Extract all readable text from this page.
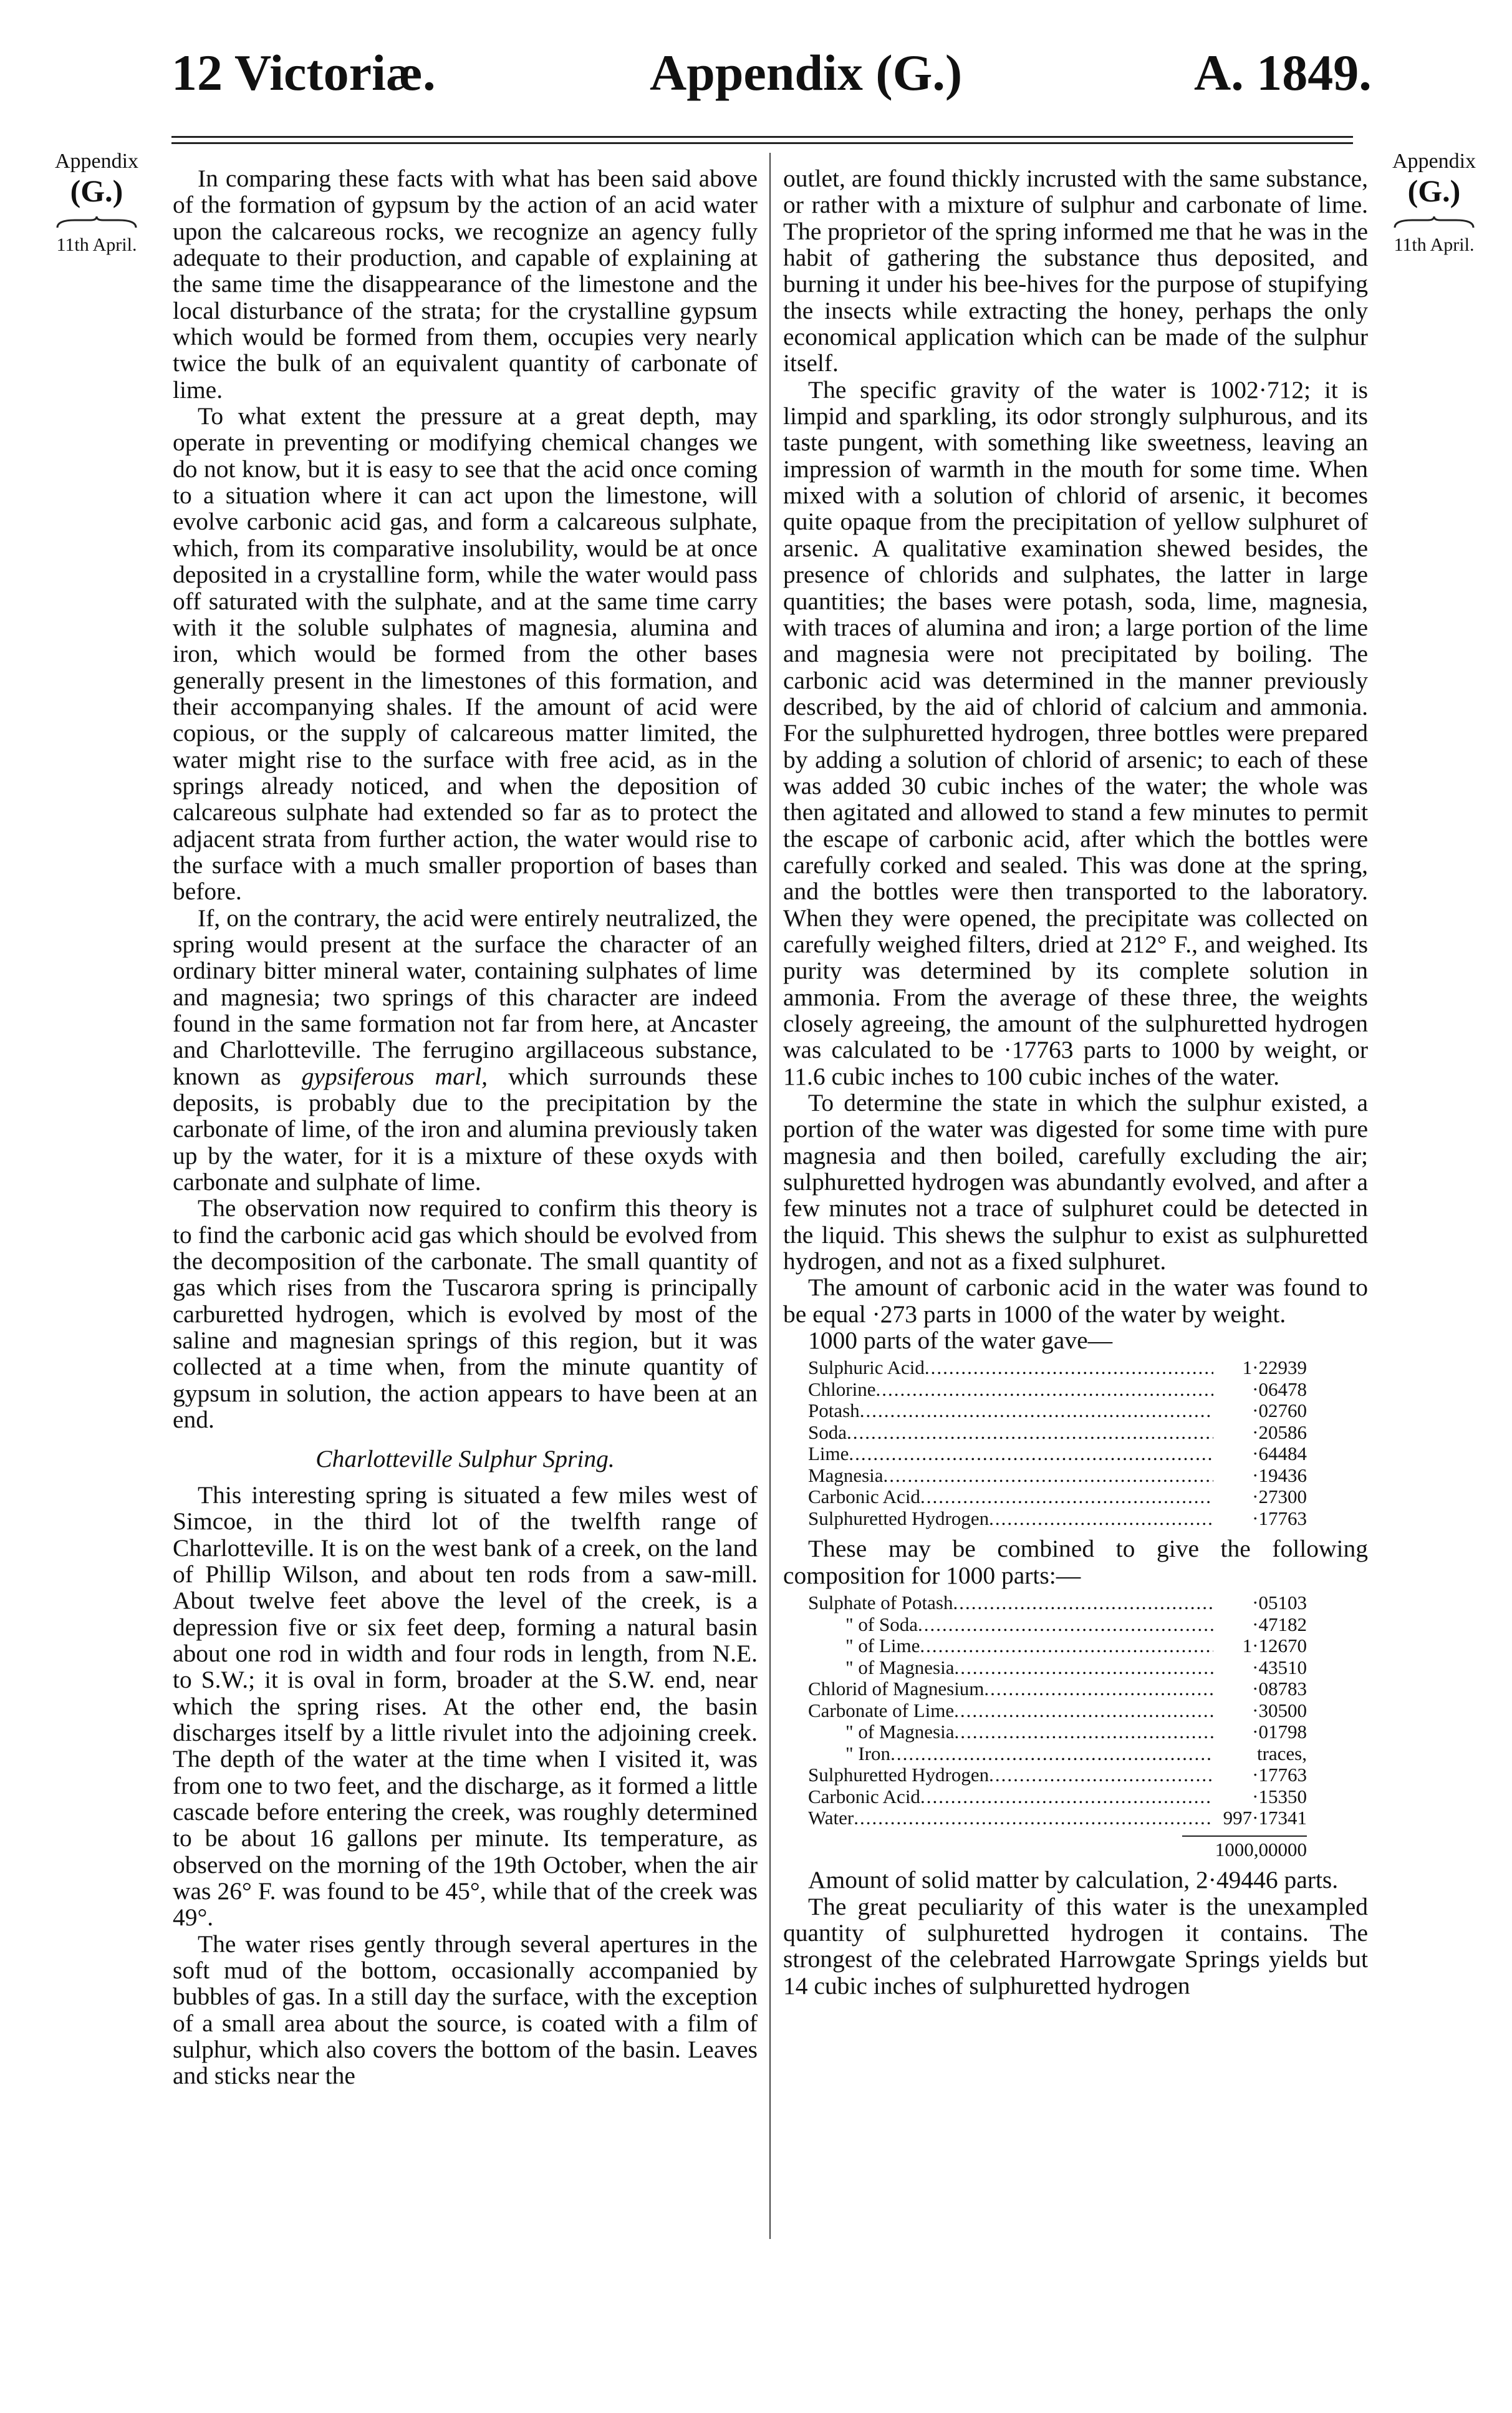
12 Victoriæ.	Appendix (G.)	A. 1849.
Appendix
(G.)
11th April.
Appendix
(G.)
11th April.

In comparing these facts with what has been said above of the formation of gypsum by the action of an acid water upon the calcareous rocks, we recognize an agency fully adequate to their production, and capable of explaining at the same time the disappearance of the limestone and the local disturbance of the strata; for the crystalline gypsum which would be formed from them, occupies very nearly twice the bulk of an equivalent quantity of carbonate of lime.

To what extent the pressure at a great depth, may operate in preventing or modifying chemical changes we do not know, but it is easy to see that the acid once coming to a situation where it can act upon the limestone, will evolve carbonic acid gas, and form a calcareous sulphate, which, from its comparative insolubility, would be at once deposited in a crystalline form, while the water would pass off saturated with the sulphate, and at the same time carry with it the soluble sulphates of magnesia, alumina and iron, which would be formed from the other bases generally present in the limestones of this formation, and their accompanying shales. If the amount of acid were copious, or the supply of calcareous matter limited, the water might rise to the surface with free acid, as in the springs already noticed, and when the deposition of calcareous sulphate had extended so far as to protect the adjacent strata from further action, the water would rise to the surface with a much smaller proportion of bases than before.

If, on the contrary, the acid were entirely neutralized, the spring would present at the surface the character of an ordinary bitter mineral water, containing sulphates of lime and magnesia; two springs of this character are indeed found in the same formation not far from here, at Ancaster and Charlotteville. The ferrugino argillaceous substance, known as gypsiferous marl, which surrounds these deposits, is probably due to the precipitation by the carbonate of lime, of the iron and alumina previously taken up by the water, for it is a mixture of these oxyds with carbonate and sulphate of lime.

The observation now required to confirm this theory is to find the carbonic acid gas which should be evolved from the decomposition of the carbonate. The small quantity of gas which rises from the Tuscarora spring is principally carburetted hydrogen, which is evolved by most of the saline and magnesian springs of this region, but it was collected at a time when, from the minute quantity of gypsum in solution, the action appears to have been at an end.

Charlotteville Sulphur Spring.

This interesting spring is situated a few miles west of Simcoe, in the third lot of the twelfth range of Charlotteville. It is on the west bank of a creek, on the land of Phillip Wilson, and about ten rods from a saw-mill. About twelve feet above the level of the creek, is a depression five or six feet deep, forming a natural basin about one rod in width and four rods in length, from N.E. to S.W.; it is oval in form, broader at the S.W. end, near which the spring rises. At the other end, the basin discharges itself by a little rivulet into the adjoining creek. The depth of the water at the time when I visited it, was from one to two feet, and the discharge, as it formed a little cascade before entering the creek, was roughly determined to be about 16 gallons per minute. Its temperature, as observed on the morning of the 19th October, when the air was 26° F. was found to be 45°, while that of the creek was 49°.

The water rises gently through several apertures in the soft mud of the bottom, occasionally accompanied by bubbles of gas. In a still day the surface, with the exception of a small area about the source, is coated with a film of sulphur, which also covers the bottom of the basin. Leaves and sticks near the

outlet, are found thickly incrusted with the same substance, or rather with a mixture of sulphur and carbonate of lime. The proprietor of the spring informed me that he was in the habit of gathering the substance thus deposited, and burning it under his bee-hives for the purpose of stupifying the insects while extracting the honey, perhaps the only economical application which can be made of the sulphur itself.

The specific gravity of the water is 1002·712; it is limpid and sparkling, its odor strongly sulphurous, and its taste pungent, with something like sweetness, leaving an impression of warmth in the mouth for some time. When mixed with a solution of chlorid of arsenic, it becomes quite opaque from the precipitation of yellow sulphuret of arsenic. A qualitative examination shewed besides, the presence of chlorids and sulphates, the latter in large quantities; the bases were potash, soda, lime, magnesia, with traces of alumina and iron; a large portion of the lime and magnesia were not precipitated by boiling. The carbonic acid was determined in the manner previously described, by the aid of chlorid of calcium and ammonia. For the sulphuretted hydrogen, three bottles were prepared by adding a solution of chlorid of arsenic; to each of these was added 30 cubic inches of the water; the whole was then agitated and allowed to stand a few minutes to permit the escape of carbonic acid, after which the bottles were carefully corked and sealed. This was done at the spring, and the bottles were then transported to the laboratory. When they were opened, the precipitate was collected on carefully weighed filters, dried at 212° F., and weighed. Its purity was determined by its complete solution in ammonia. From the average of these three, the weights closely agreeing, the amount of the sulphuretted hydrogen was calculated to be ·17763 parts to 1000 by weight, or 11.6 cubic inches to 100 cubic inches of the water.

To determine the state in which the sulphur existed, a portion of the water was digested for some time with pure magnesia and then boiled, carefully excluding the air; sulphuretted hydrogen was abundantly evolved, and after a few minutes not a trace of sulphuret could be detected in the liquid. This shews the sulphur to exist as sulphuretted hydrogen, and not as a fixed sulphuret.

The amount of carbonic acid in the water was found to be equal ·273 parts in 1000 of the water by weight.

1000 parts of the water gave—

Sulphuric Acid .....	1·22939
Chlorine .....	·06478
Potash .....	·02760
Soda .....	·20586
Lime .....	·64484
Magnesia .....	·19436
Carbonic Acid .....	·27300
Sulphuretted Hydrogen .....	·17763

These may be combined to give the following composition for 1000 parts:—

Sulphate of Potash .....	·05103
" of Soda .....	·47182
" of Lime .....	1·12670
" of Magnesia .....	·43510
Chlorid of Magnesium .....	·08783
Carbonate of Lime .....	·30500
" of Magnesia .....	·01798
" Iron .....	traces,
Sulphuretted Hydrogen .....	·17763
Carbonic Acid .....	·15350
Water .....	997·17341
1000,00000

Amount of solid matter by calculation, 2·49446 parts.

The great peculiarity of this water is the unexampled quantity of sulphuretted hydrogen it contains. The strongest of the celebrated Harrowgate Springs yields but 14 cubic inches of sulphuretted hydrogen
